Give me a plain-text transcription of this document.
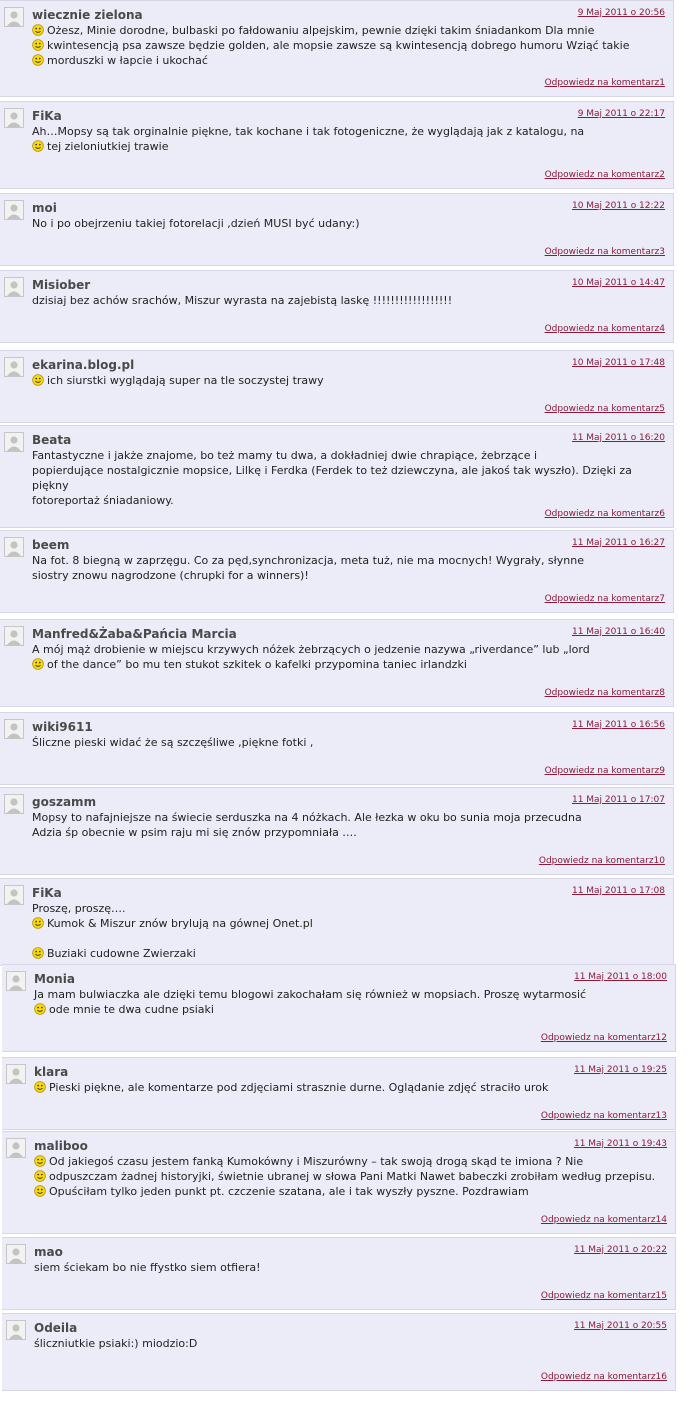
wiecznie zielona	9 Maj 2011 o 20:56

Ożesz, Minie dorodne, bulbaski po fałdowaniu alpejskim, pewnie dzięki takim śniadankom Dla mnie

kwintesencją psa zawsze będzie golden, ale mopsie zawsze są kwintesencją dobrego humoru Wziąć takie

morduszki w łapcie i ukochać

Odpowiedz na komentarz1
FiKa	9 Maj 2011 o 22:17

Ah…Mopsy są tak orginalnie piękne, tak kochane i tak fotogeniczne, że wyglądają jak z katalogu, na

tej zieloniutkiej trawie

Odpowiedz na komentarz2
moi	10 Maj 2011 o 12:22

No i po obejrzeniu takiej fotorelacji ,dzień MUSI być udany:)

Odpowiedz na komentarz3
Misiober	10 Maj 2011 o 14:47

dzisiaj bez achów srachów, Miszur wyrasta na zajebistą laskę !!!!!!!!!!!!!!!!!!

Odpowiedz na komentarz4
ekarina.blog.pl	10 Maj 2011 o 17:48

ich siurstki wyglądają super na tle soczystej trawy

Odpowiedz na komentarz5
Beata	11 Maj 2011 o 16:20

Fantastyczne i jakże znajome, bo też mamy tu dwa, a dokładniej dwie chrapiące, żebrzące i

popierdujące nostalgicznie mopsice, Lilkę i Ferdka (Ferdek to też dziewczyna, ale jakoś tak wyszło). Dzięki za piękny

fotoreportaż śniadaniowy.

Odpowiedz na komentarz6
beem	11 Maj 2011 o 16:27

Na fot. 8 biegną w zaprzęgu. Co za pęd,synchronizacja, meta tuż, nie ma mocnych! Wygrały, słynne

siostry znowu nagrodzone (chrupki for a winners)!

Odpowiedz na komentarz7
Manfred&Żaba&Pańcia Marcia	11 Maj 2011 o 16:40

A mój mąż drobienie w miejscu krzywych nóżek żebrzących o jedzenie nazywa „riverdance” lub „lord

of the dance” bo mu ten stukot szkitek o kafelki przypomina taniec irlandzki

Odpowiedz na komentarz8
wiki9611	11 Maj 2011 o 16:56

Śliczne pieski widać że są szczęśliwe ,piękne fotki ,

Odpowiedz na komentarz9
goszamm	11 Maj 2011 o 17:07

Mopsy to nafajniejsze na świecie serduszka na 4 nóżkach. Ale łezka w oku bo sunia moja przecudna

Adzia śp obecnie w psim raju mi się znów przypomniała ….

Odpowiedz na komentarz10
FiKa	11 Maj 2011 o 17:08

Proszę, proszę….

Kumok & Miszur znów brylują na gównej Onet.pl

Buziaki cudowne Zwierzaki

Monia	11 Maj 2011 o 18:00

Ja mam bulwiaczka ale dzięki temu blogowi zakochałam się również w mopsiach. Proszę wytarmosić

ode mnie te dwa cudne psiaki

Odpowiedz na komentarz12
klara	11 Maj 2011 o 19:25

Pieski piękne, ale komentarze pod zdjęciami strasznie durne. Oglądanie zdjęć straciło urok

Odpowiedz na komentarz13
maliboo	11 Maj 2011 o 19:43

Od jakiegoś czasu jestem fanką Kumokówny i Miszurówny – tak swoją drogą skąd te imiona ? Nie

odpuszczam żadnej historyjki, świetnie ubranej w słowa Pani Matki Nawet babeczki zrobiłam według przepisu.

Opuściłam tylko jeden punkt pt. czczenie szatana, ale i tak wyszły pyszne. Pozdrawiam

Odpowiedz na komentarz14
mao	11 Maj 2011 o 20:22

siem ściekam bo nie ffystko siem otfiera!

Odpowiedz na komentarz15
Odeila	11 Maj 2011 o 20:55

śliczniutkie psiaki:) miodzio:D

Odpowiedz na komentarz16
